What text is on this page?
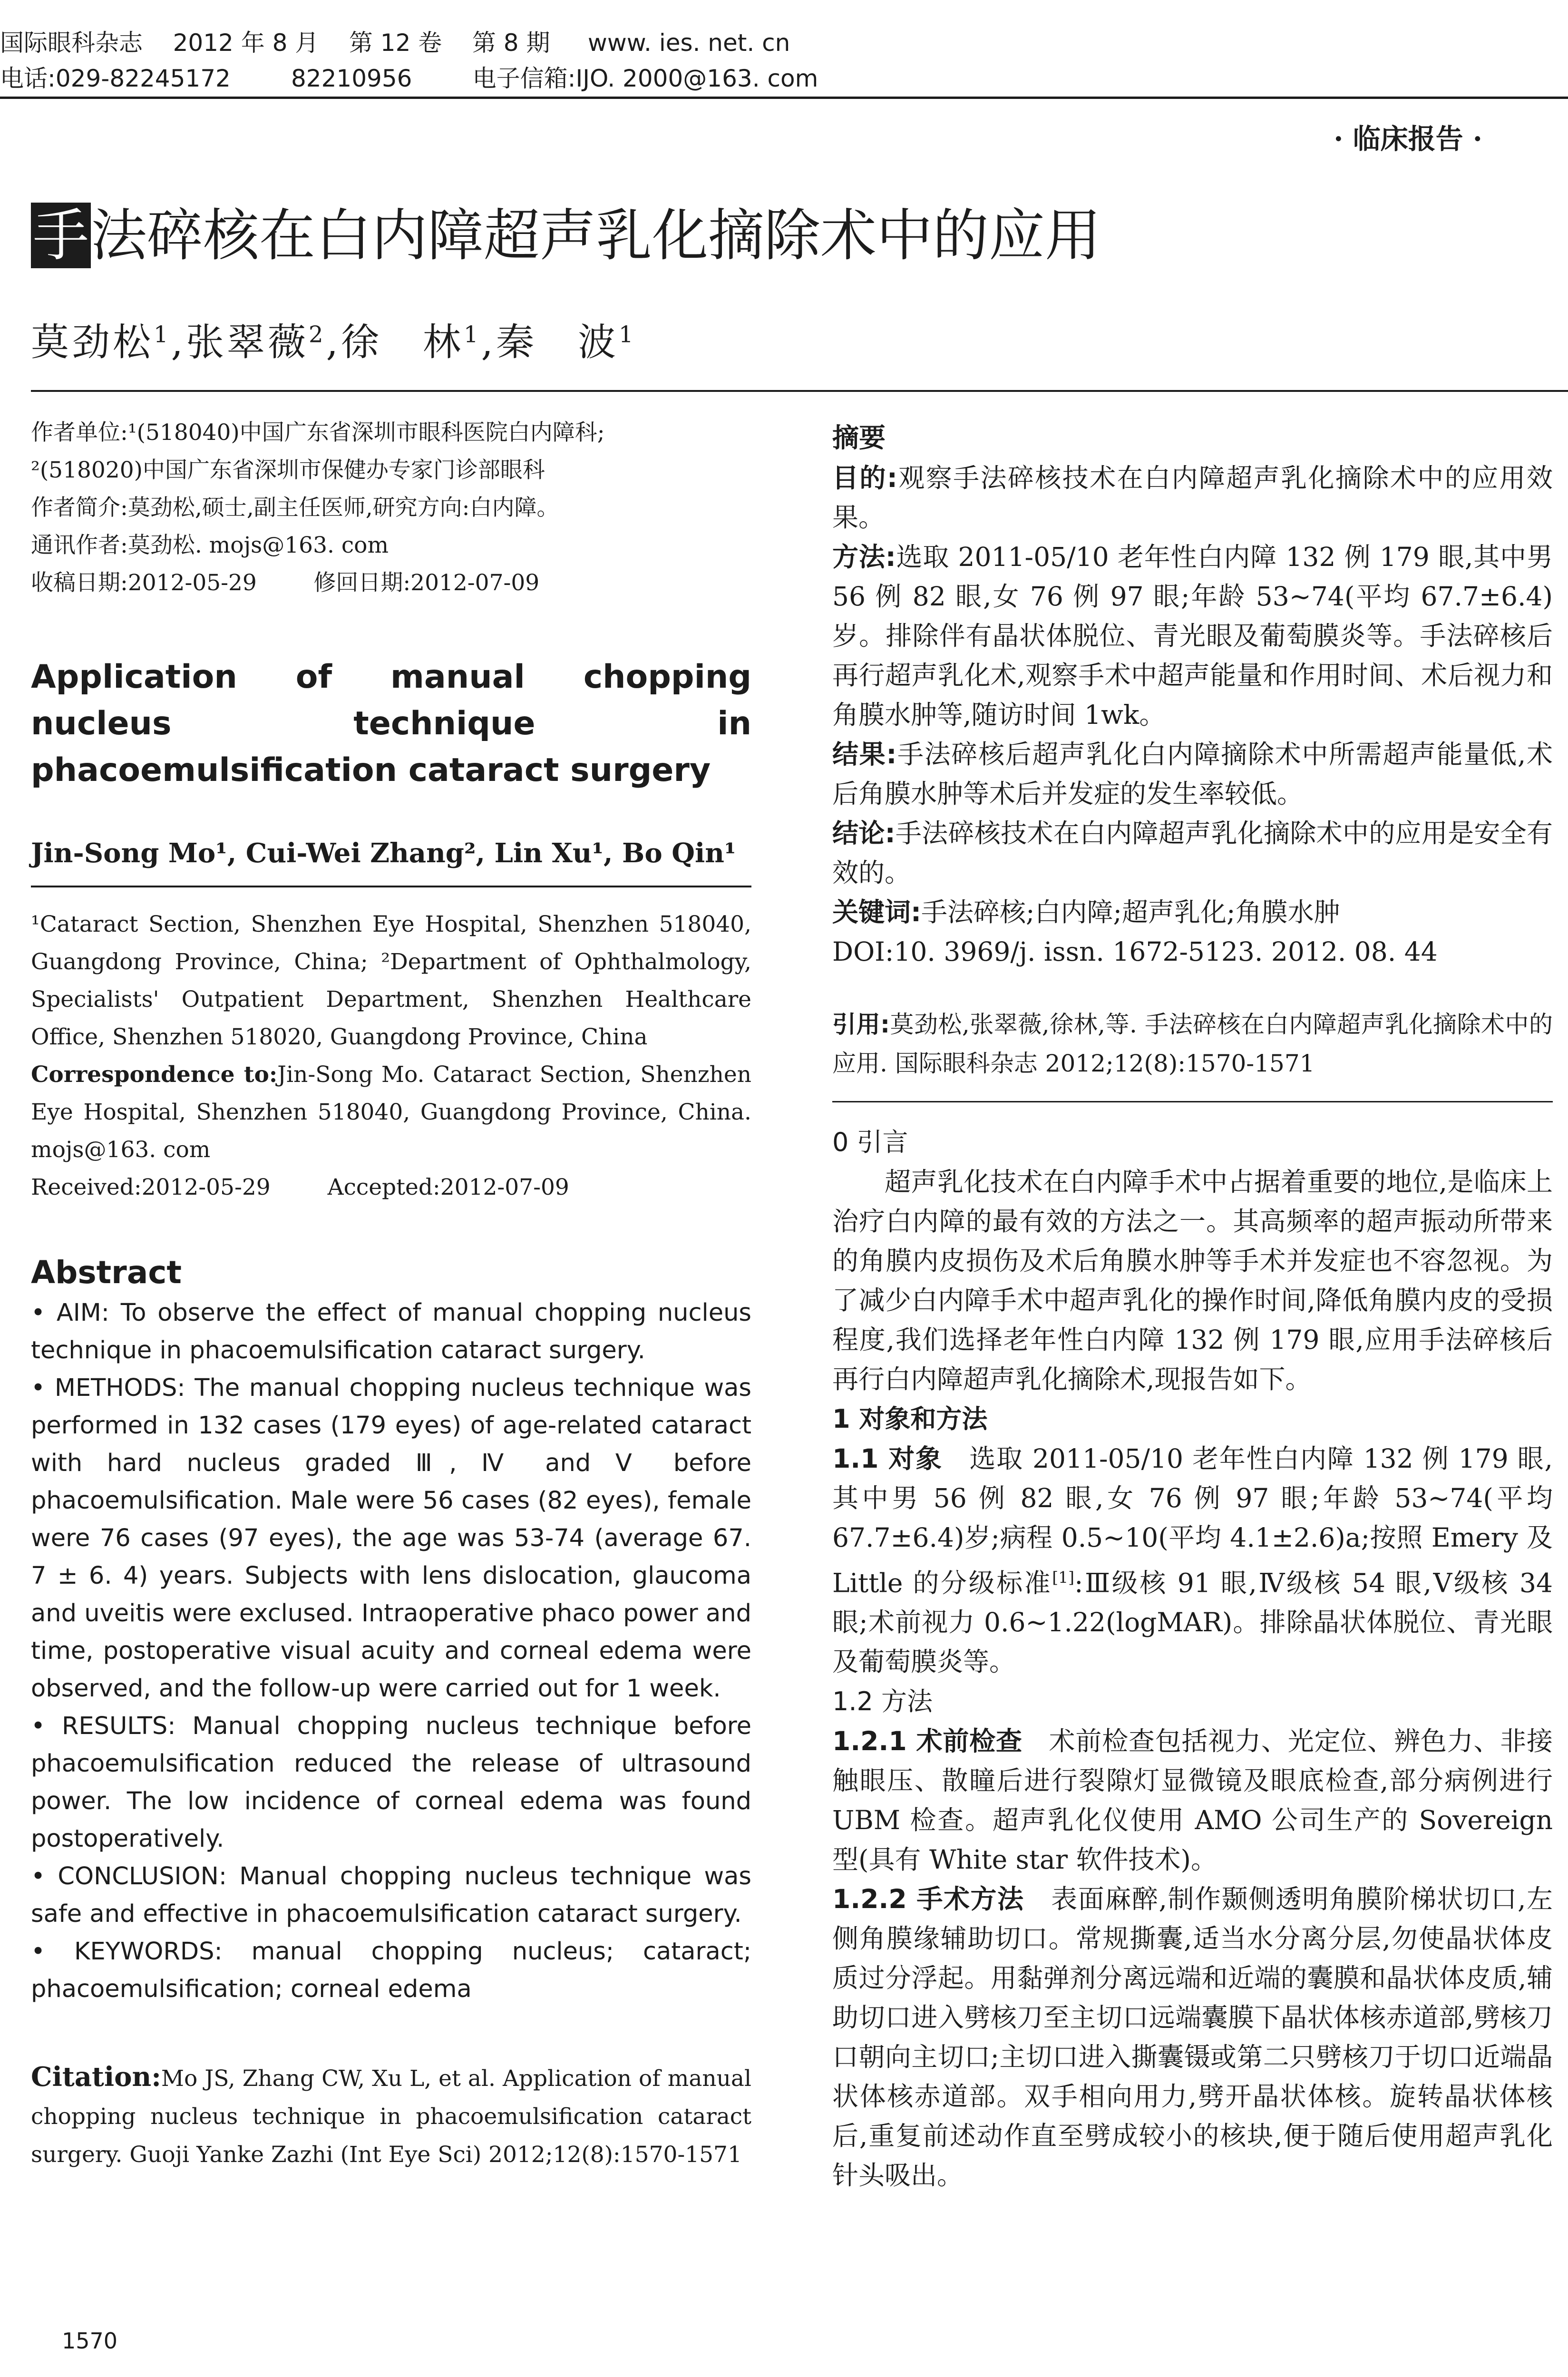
国际眼科杂志    2012 年 8 月    第 12 卷    第 8 期     www. ies. net. cn
电话:029-82245172        82210956        电子信箱:IJO. 2000@163. com
· 临床报告 ·
手法碎核在白内障超声乳化摘除术中的应用
莫劲松$^1$,张翠薇$^2$,徐　林$^1$,秦　波$^1$
作者单位:¹(518040)中国广东省深圳市眼科医院白内障科;
²(518020)中国广东省深圳市保健办专家门诊部眼科
作者简介:莫劲松,硕士,副主任医师,研究方向:白内障。
通讯作者:莫劲松. mojs@163. com
收稿日期:2012-05-29        修回日期:2012-07-09
Application of manual chopping nucleus technique in phacoemulsification cataract surgery
Jin-Song Mo¹, Cui-Wei Zhang², Lin Xu¹, Bo Qin¹
¹Cataract Section, Shenzhen Eye Hospital, Shenzhen 518040, Guangdong Province, China; ²Department of Ophthalmology, Specialists' Outpatient Department, Shenzhen Healthcare Office, Shenzhen 518020, Guangdong Province, China
Correspondence to:Jin-Song Mo. Cataract Section, Shenzhen Eye Hospital, Shenzhen 518040, Guangdong Province, China. mojs@163. com
Received:2012-05-29	Accepted:2012-07-09
Abstract

• AIM: To observe the effect of manual chopping nucleus technique in phacoemulsification cataract surgery.

• METHODS: The manual chopping nucleus technique was performed in 132 cases (179 eyes) of age-related cataract with hard nucleus graded Ⅲ, Ⅳ and Ⅴ before phacoemulsification. Male were 56 cases (82 eyes), female were 76 cases (97 eyes), the age was 53-74 (average 67. 7 ± 6. 4) years. Subjects with lens dislocation, glaucoma and uveitis were exclused. Intraoperative phaco power and time, postoperative visual acuity and corneal edema were observed, and the follow-up were carried out for 1 week.

• RESULTS: Manual chopping nucleus technique before phacoemulsification reduced the release of ultrasound power. The low incidence of corneal edema was found postoperatively.

• CONCLUSION: Manual chopping nucleus technique was safe and effective in phacoemulsification cataract surgery.

• KEYWORDS: manual chopping nucleus; cataract; phacoemulsification; corneal edema

Citation:Mo JS, Zhang CW, Xu L, et al. Application of manual chopping nucleus technique in phacoemulsification cataract surgery. Guoji Yanke Zazhi (Int Eye Sci) 2012;12(8):1570-1571
1570
摘要

目的:观察手法碎核技术在白内障超声乳化摘除术中的应用效果。

方法:选取 2011-05/10 老年性白内障 132 例 179 眼,其中男 56 例 82 眼,女 76 例 97 眼;年龄 53~74(平均 67.7±6.4)岁。排除伴有晶状体脱位、青光眼及葡萄膜炎等。手法碎核后再行超声乳化术,观察手术中超声能量和作用时间、术后视力和角膜水肿等,随访时间 1wk。

结果:手法碎核后超声乳化白内障摘除术中所需超声能量低,术后角膜水肿等术后并发症的发生率较低。

结论:手法碎核技术在白内障超声乳化摘除术中的应用是安全有效的。

关键词:手法碎核;白内障;超声乳化;角膜水肿

DOI:10. 3969/j. issn. 1672-5123. 2012. 08. 44

引用:莫劲松,张翠薇,徐林,等. 手法碎核在白内障超声乳化摘除术中的应用. 国际眼科杂志 2012;12(8):1570-1571
0 引言

超声乳化技术在白内障手术中占据着重要的地位,是临床上治疗白内障的最有效的方法之一。其高频率的超声振动所带来的角膜内皮损伤及术后角膜水肿等手术并发症也不容忽视。为了减少白内障手术中超声乳化的操作时间,降低角膜内皮的受损程度,我们选择老年性白内障 132 例 179 眼,应用手法碎核后再行白内障超声乳化摘除术,现报告如下。

1 对象和方法

1.1 对象　选取 2011-05/10 老年性白内障 132 例 179 眼,其中男 56 例 82 眼,女 76 例 97 眼;年龄 53~74(平均 67.7±6.4)岁;病程 0.5~10(平均 4.1±2.6)a;按照 Emery 及 Little 的分级标准[1]:Ⅲ级核 91 眼,Ⅳ级核 54 眼,Ⅴ级核 34 眼;术前视力 0.6~1.22(logMAR)。排除晶状体脱位、青光眼及葡萄膜炎等。

1.2 方法

1.2.1 术前检查　术前检查包括视力、光定位、辨色力、非接触眼压、散瞳后进行裂隙灯显微镜及眼底检查,部分病例进行 UBM 检查。超声乳化仪使用 AMO 公司生产的 Sovereign 型(具有 White star 软件技术)。

1.2.2 手术方法　表面麻醉,制作颞侧透明角膜阶梯状切口,左侧角膜缘辅助切口。常规撕囊,适当水分离分层,勿使晶状体皮质过分浮起。用黏弹剂分离远端和近端的囊膜和晶状体皮质,辅助切口进入劈核刀至主切口远端囊膜下晶状体核赤道部,劈核刀口朝向主切口;主切口进入撕囊镊或第二只劈核刀于切口近端晶状体核赤道部。双手相向用力,劈开晶状体核。旋转晶状体核后,重复前述动作直至劈成较小的核块,便于随后使用超声乳化针头吸出。
